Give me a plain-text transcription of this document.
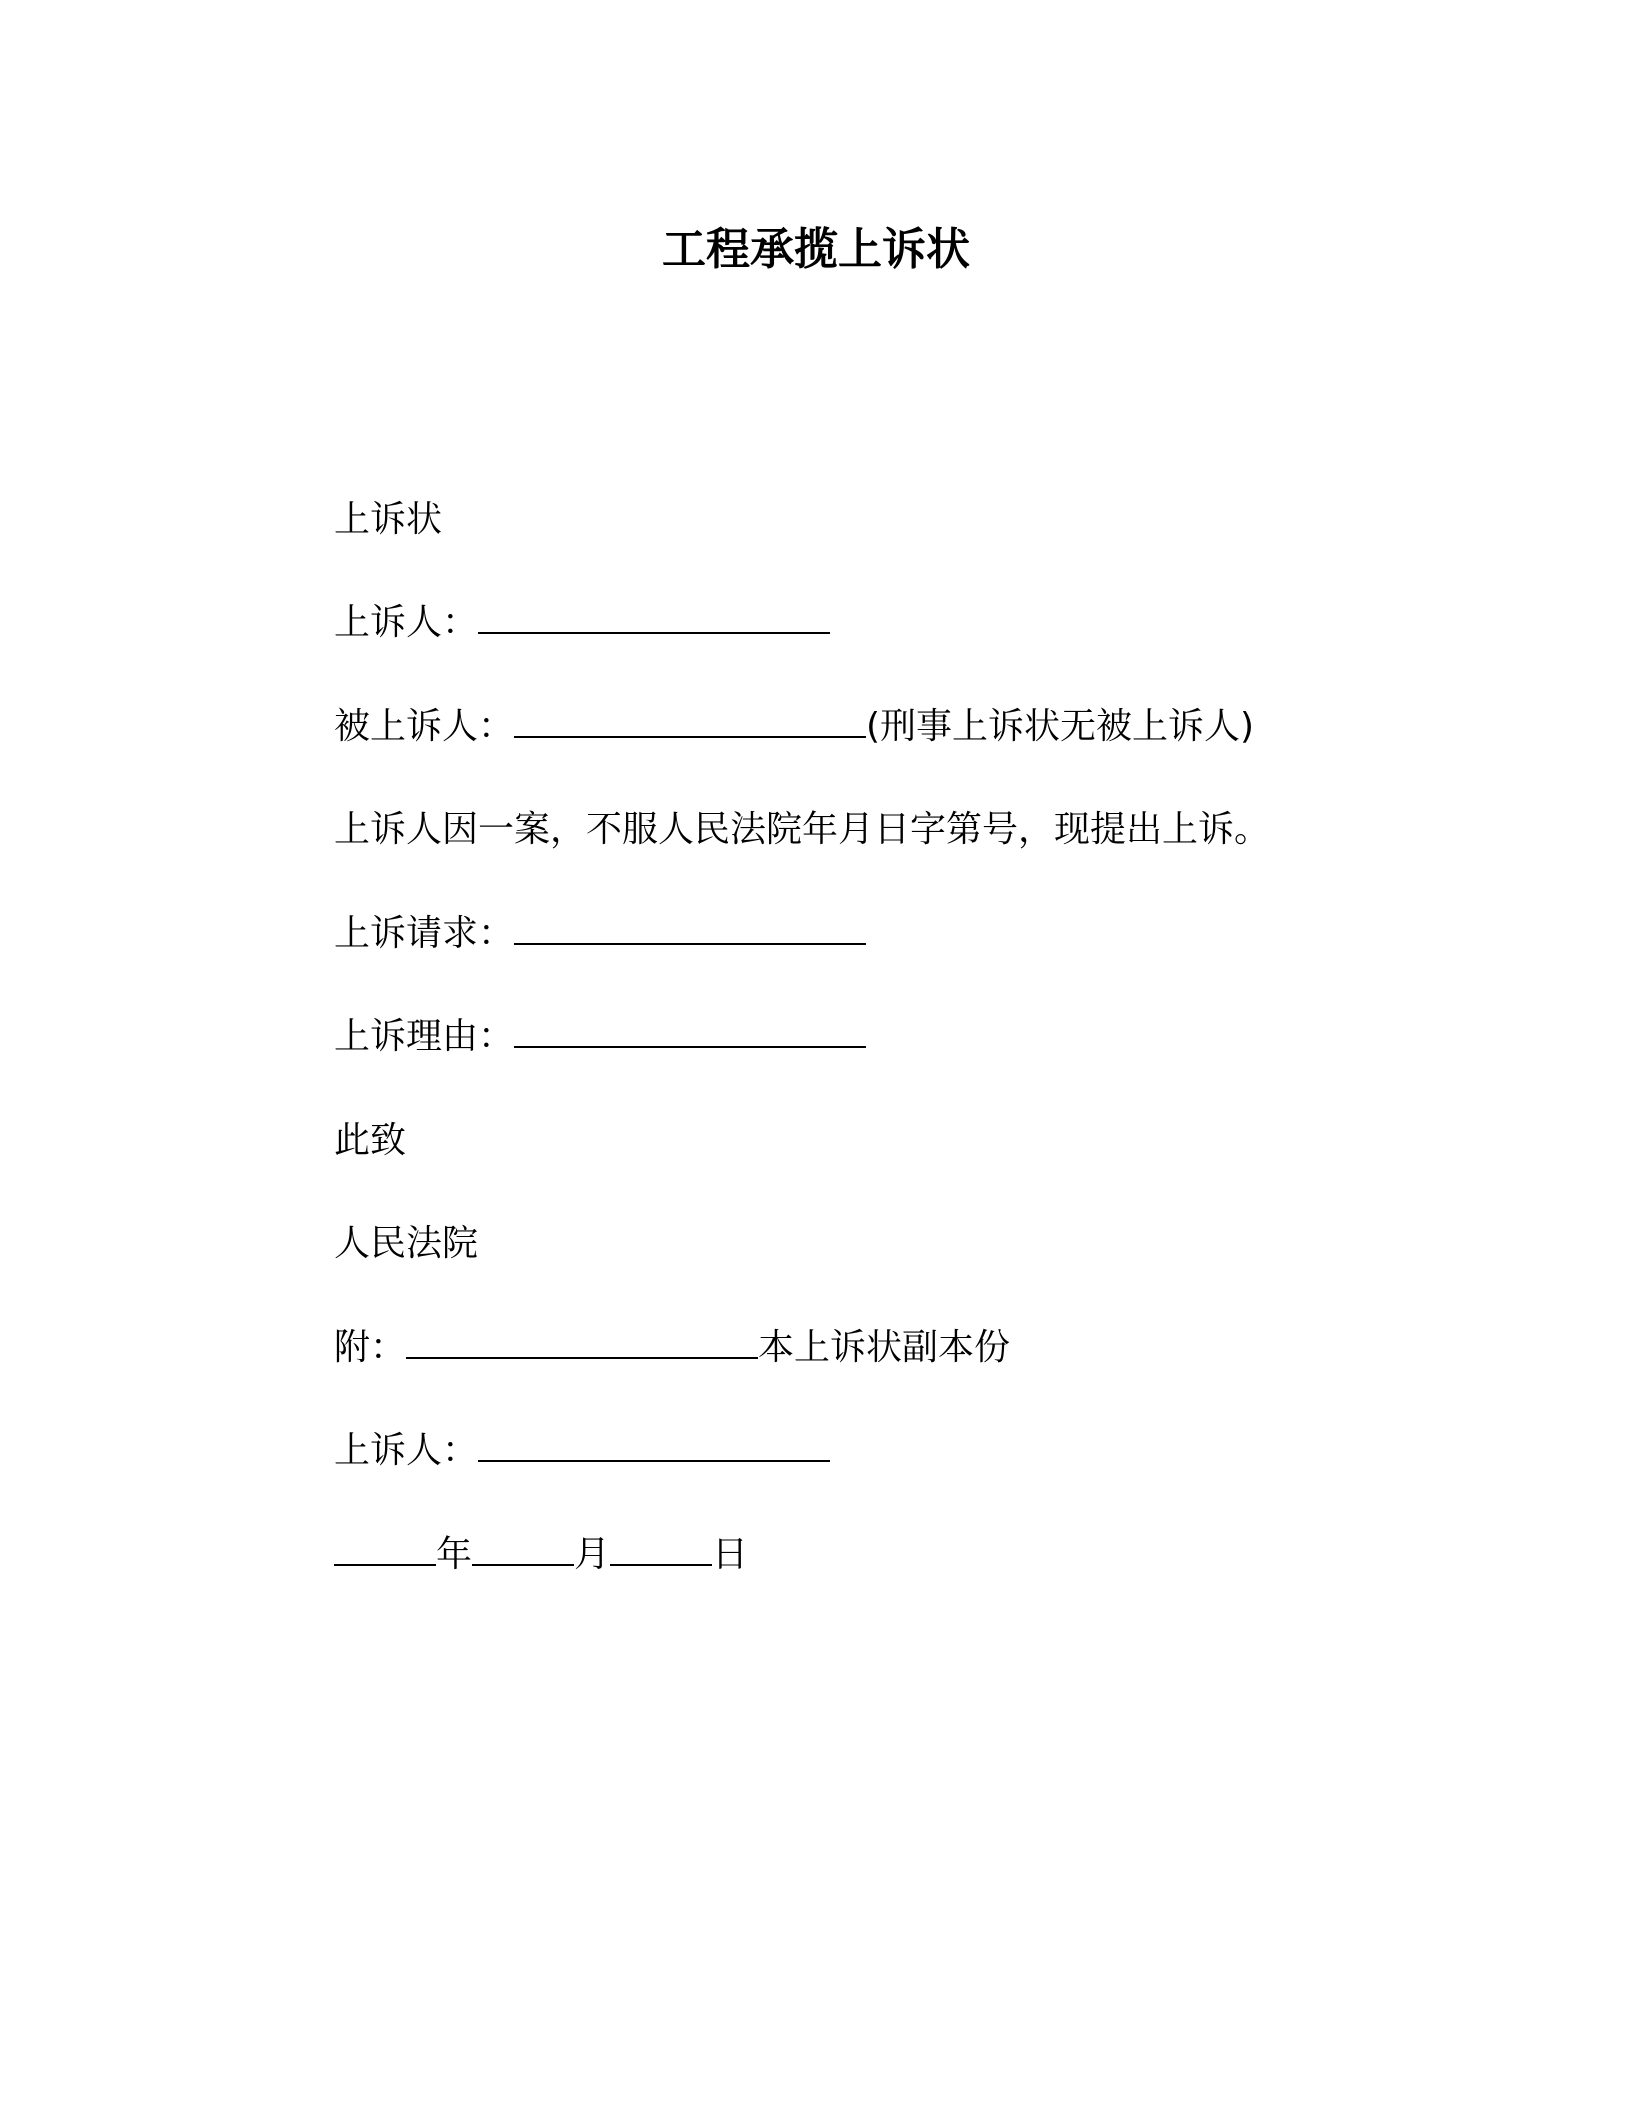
工程承揽上诉状
上诉状
上诉人：
被上诉人：	(刑事上诉状无被上诉人)
上诉人因一案，不服人民法院年月日字第号，现提出上诉。
上诉请求：
上诉理由：
此致
人民法院
附：	本上诉状副本份
上诉人：
年	月	日
